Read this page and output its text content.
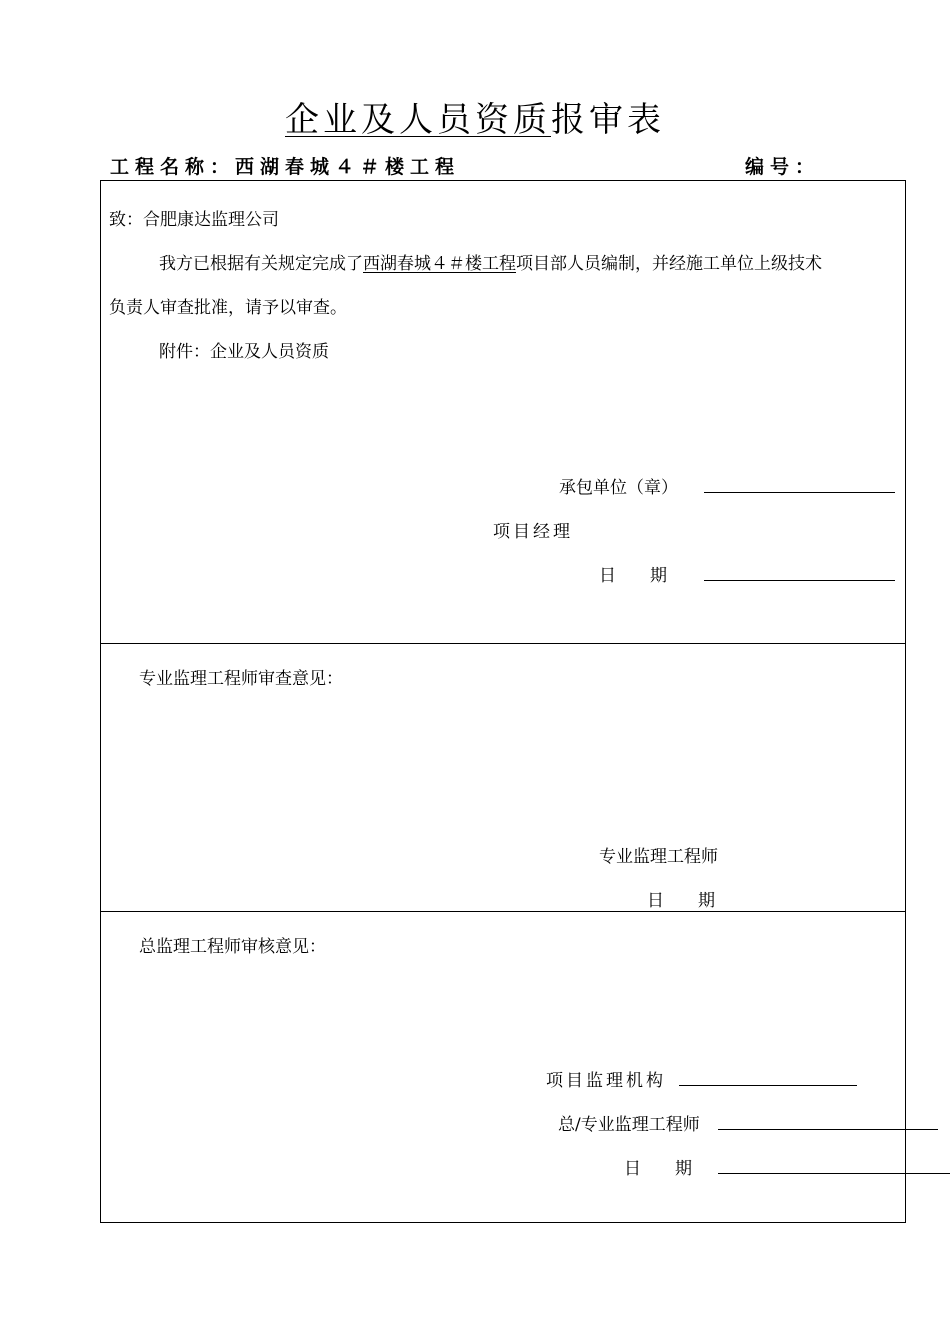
企业及人员资质报审表
工程名称：西湖春城４＃楼工程	编号：
致：合肥康达监理公司
我方已根据有关规定完成了西湖春城４＃楼工程项目部人员编制，并经施工单位上级技术
负责人审查批准，请予以审查。
附件：企业及人员资质
承包单位（章）
项目经理
日　　期
专业监理工程师审查意见：
专业监理工程师
日　　期
总监理工程师审核意见：
项目监理机构
总/专业监理工程师
日　　期
